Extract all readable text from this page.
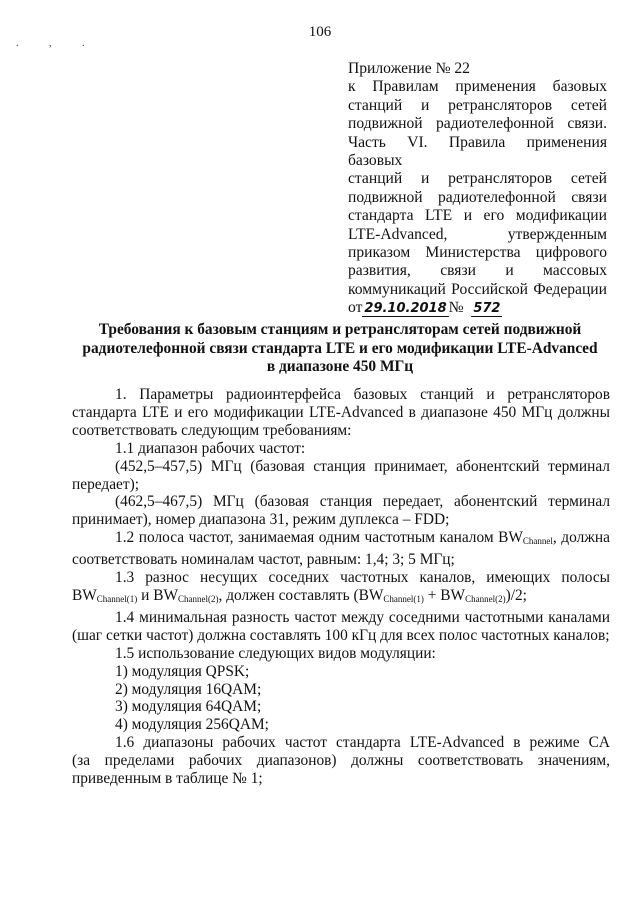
106
. , .
Приложение № 22
к Правилам применения базовых
станций и ретрансляторов сетей
подвижной радиотелефонной связи.
Часть VI. Правила применения базовых
станций и ретрансляторов сетей
подвижной радиотелефонной связи
стандарта LTE и его модификации
LTE-Advanced, утвержденным
приказом Министерства цифрового
развития, связи и массовых
коммуникаций Российской Федерации
от 29.10.2018 № 572
Требования к базовым станциям и ретрансляторам сетей подвижной
радиотелефонной связи стандарта LTE и его модификации LTE-Advanced
в диапазоне 450 МГц

1. Параметры радиоинтерфейса базовых станций и ретрансляторов

стандарта LTE и его модификации LTE-Advanced в диапазоне 450 МГц должны

соответствовать следующим требованиям:

1.1 диапазон рабочих частот:

(452,5–457,5) МГц (базовая станция принимает, абонентский терминал

передает);

(462,5–467,5) МГц (базовая станция передает, абонентский терминал

принимает), номер диапазона 31, режим дуплекса – FDD;

1.2 полоса частот, занимаемая одним частотным каналом $BW_{Channel}$, должна

соответствовать номиналам частот, равным: 1,4; 3; 5 МГц;

1.3 разнос несущих соседних частотных каналов, имеющих полосы

$BW_{Channel(1)}$ и $BW_{Channel(2)}$, должен составлять $(BW_{Channel(1)} + BW_{Channel(2)})/2$;

1.4 минимальная разность частот между соседними частотными каналами

(шаг сетки частот) должна составлять 100 кГц для всех полос частотных каналов;

1.5 использование следующих видов модуляции:

1) модуляция QPSK;

2) модуляция 16QAM;

3) модуляция 64QAM;

4) модуляция 256QAM;

1.6 диапазоны рабочих частот стандарта LTE-Advanced в режиме CA

(за пределами рабочих диапазонов) должны соответствовать значениям,

приведенным в таблице № 1;
